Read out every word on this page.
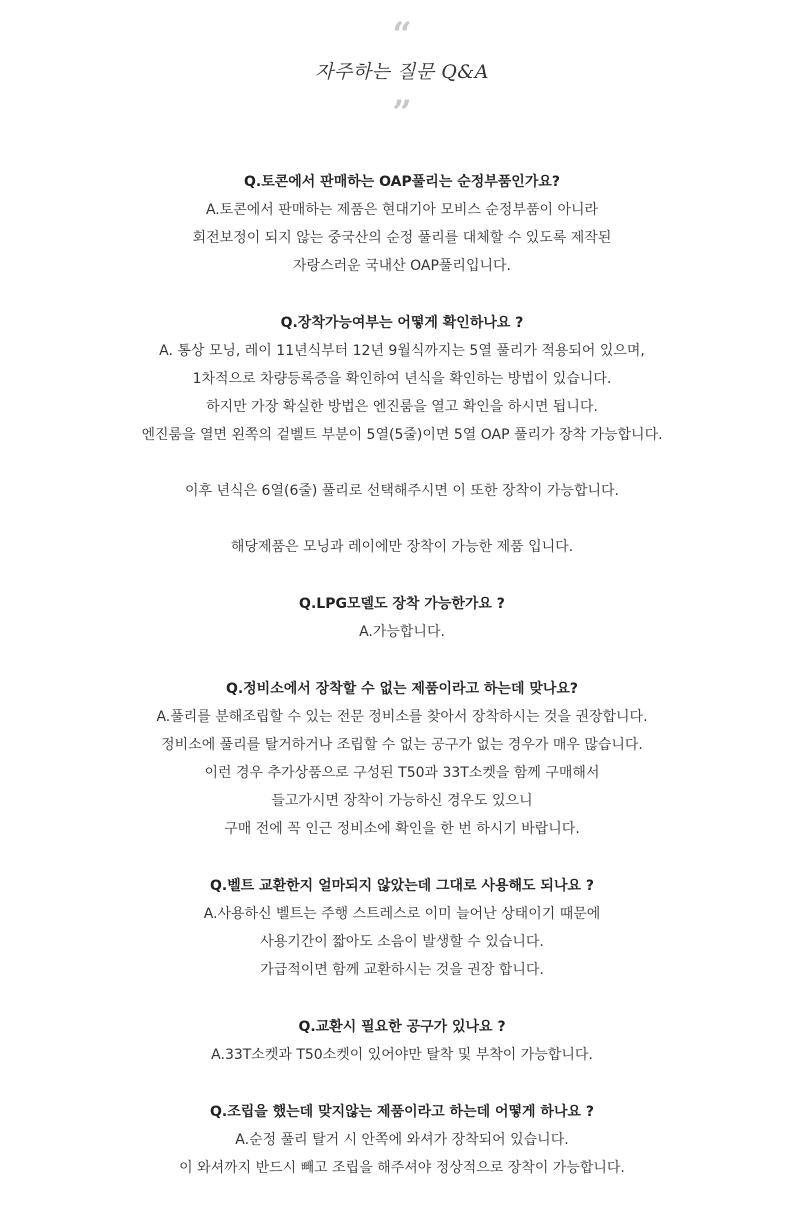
“
자주하는 질문 Q&A
”
Q.토콘에서 판매하는 OAP풀리는 순정부품인가요?
A.토콘에서 판매하는 제품은 현대기아 모비스 순정부품이 아니라
회전보정이 되지 않는 중국산의 순정 풀리를 대체할 수 있도록 제작된
자랑스러운 국내산 OAP풀리입니다.
Q.장착가능여부는 어떻게 확인하나요 ?
A. 통상 모닝, 레이 11년식부터 12년 9월식까지는 5열 풀리가 적용되어 있으며,
1차적으로 차량등록증을 확인하여 년식을 확인하는 방법이 있습니다.
하지만 가장 확실한 방법은 엔진룸을 열고 확인을 하시면 됩니다.
엔진룸을 열면 왼쪽의 겉벨트 부분이 5열(5줄)이면 5열 OAP 풀리가 장착 가능합니다.
이후 년식은 6열(6줄) 풀리로 선택해주시면 이 또한 장착이 가능합니다.
해당제품은 모닝과 레이에만 장착이 가능한 제품 입니다.
Q.LPG모델도 장착 가능한가요 ?
A.가능합니다.
Q.정비소에서 장착할 수 없는 제품이라고 하는데 맞나요?
A.풀리를 분해조립할 수 있는 전문 정비소를 찾아서 장착하시는 것을 권장합니다.
정비소에 풀리를 탈거하거나 조립할 수 없는 공구가 없는 경우가 매우 많습니다.
이런 경우 추가상품으로 구성된 T50과 33T소켓을 함께 구매해서
들고가시면 장착이 가능하신 경우도 있으니
구매 전에 꼭 인근 정비소에 확인을 한 번 하시기 바랍니다.
Q.벨트 교환한지 얼마되지 않았는데 그대로 사용해도 되나요 ?
A.사용하신 벨트는 주행 스트레스로 이미 늘어난 상태이기 때문에
사용기간이 짧아도 소음이 발생할 수 있습니다.
가급적이면 함께 교환하시는 것을 권장 합니다.
Q.교환시 필요한 공구가 있나요 ?
A.33T소켓과 T50소켓이 있어야만 탈착 및 부착이 가능합니다.
Q.조립을 했는데 맞지않는 제품이라고 하는데 어떻게 하나요 ?
A.순정 풀리 탈거 시 안쪽에 와셔가 장착되어 있습니다.
이 와셔까지 반드시 빼고 조립을 해주셔야 정상적으로 장착이 가능합니다.
